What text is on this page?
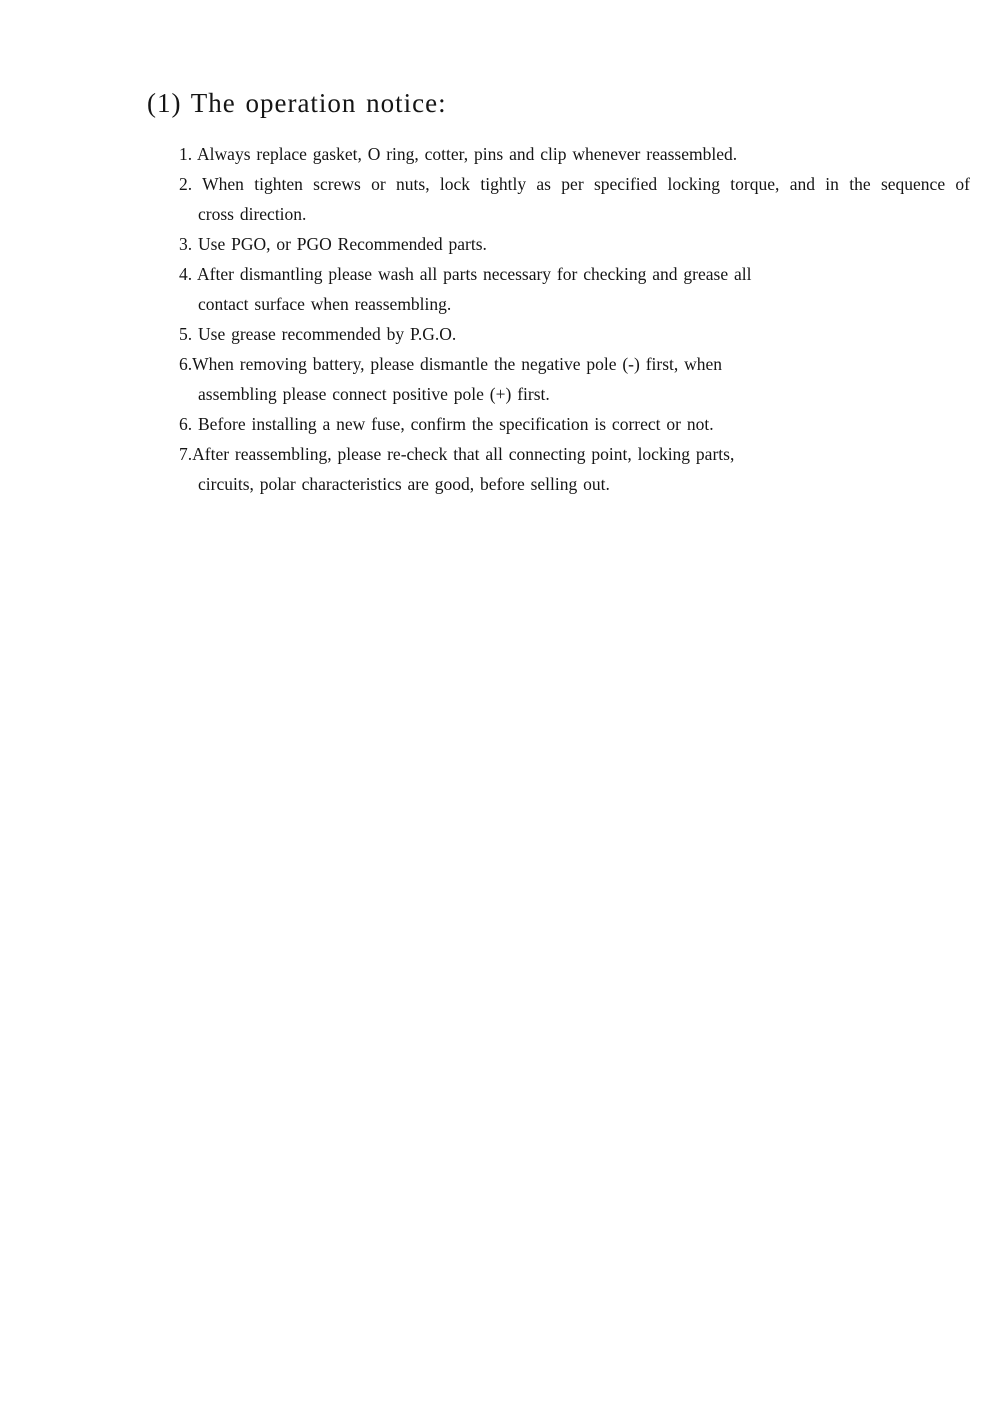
(1) The operation notice:
1. Always replace gasket, O ring, cotter, pins and clip whenever reassembled.
2. When tighten screws or nuts, lock tightly as per specified locking torque, and in the sequence of
cross direction.
3. Use PGO, or PGO Recommended parts.
4. After dismantling please wash all parts necessary for checking and grease all
contact surface when reassembling.
5. Use grease recommended by P.G.O.
6.When removing battery, please dismantle the negative pole (-) first, when
assembling please connect positive pole (+) first.
6. Before installing a new fuse, confirm the specification is correct or not.
7.After reassembling, please re-check that all connecting point, locking parts,
circuits, polar characteristics are good, before selling out.
